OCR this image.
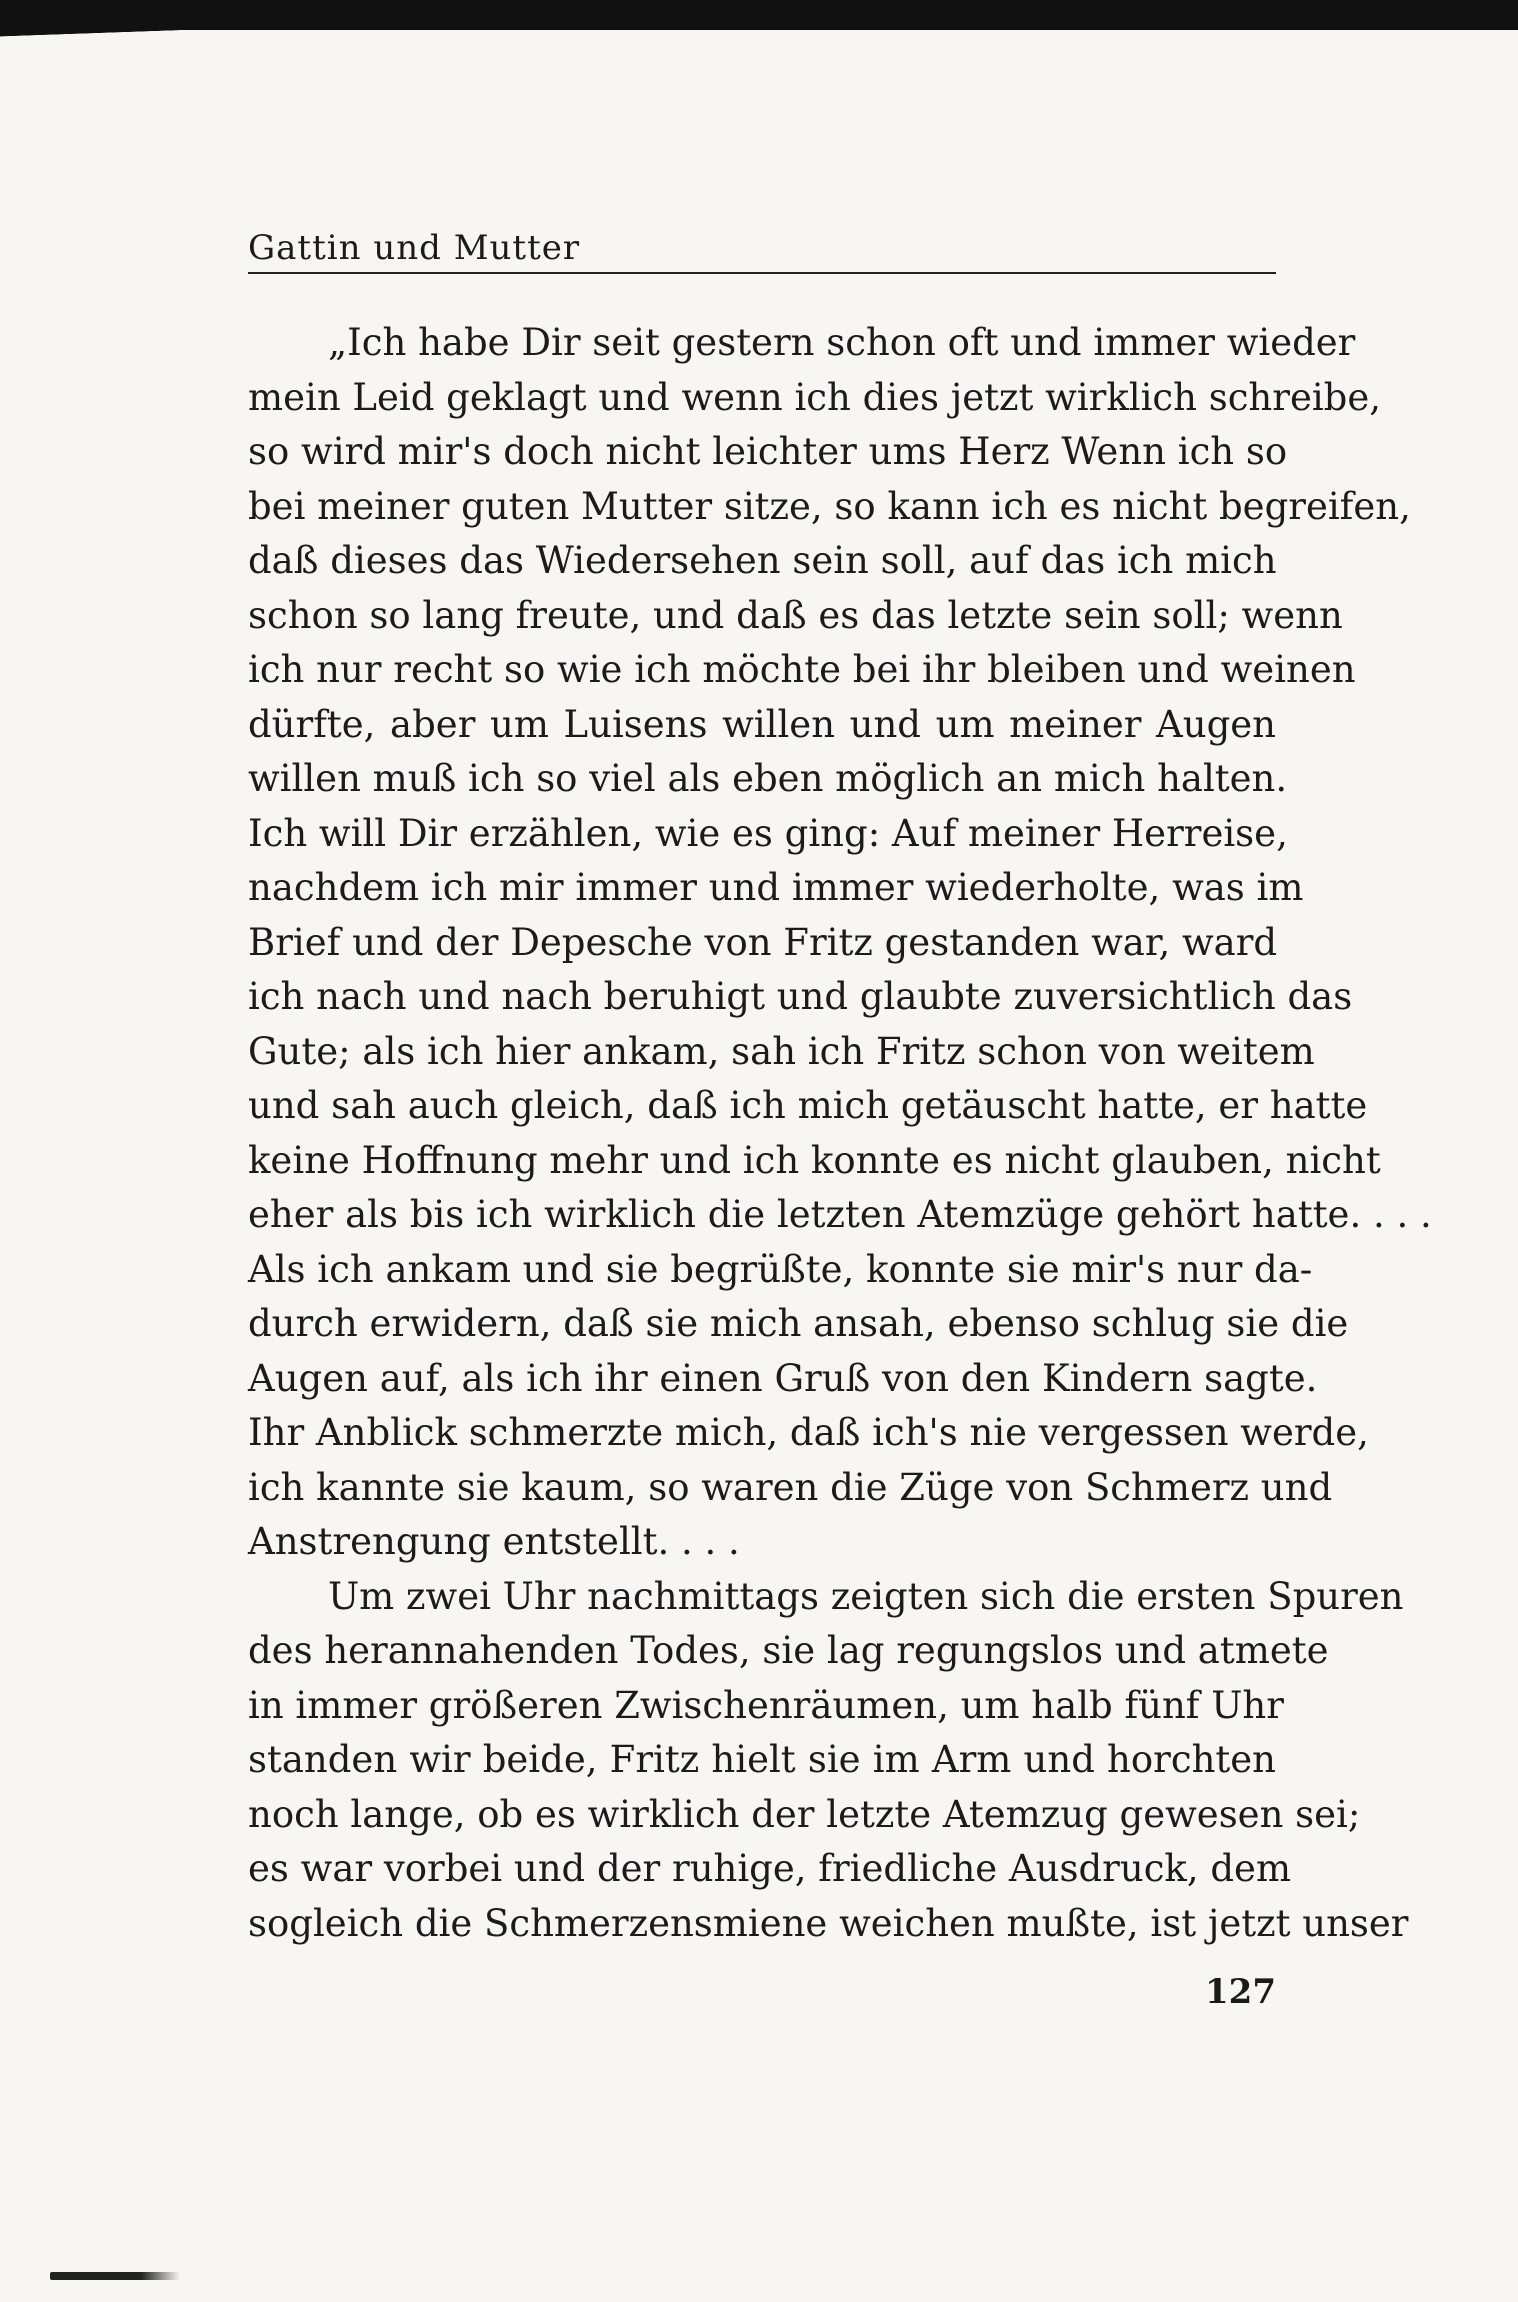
Gattin und Mutter
„Ich habe Dir seit gestern schon oft und immer wieder
mein Leid geklagt und wenn ich dies jetzt wirklich schreibe,
so wird mir's doch nicht leichter ums Herz Wenn ich so
bei meiner guten Mutter sitze, so kann ich es nicht begreifen,
daß dieses das Wiedersehen sein soll, auf das ich mich
schon so lang freute, und daß es das letzte sein soll; wenn
ich nur recht so wie ich möchte bei ihr bleiben und weinen
dürfte, aber um Luisens willen und um meiner Augen
willen muß ich so viel als eben möglich an mich halten.
Ich will Dir erzählen, wie es ging: Auf meiner Herreise,
nachdem ich mir immer und immer wiederholte, was im
Brief und der Depesche von Fritz gestanden war, ward
ich nach und nach beruhigt und glaubte zuversichtlich das
Gute; als ich hier ankam, sah ich Fritz schon von weitem
und sah auch gleich, daß ich mich getäuscht hatte, er hatte
keine Hoffnung mehr und ich konnte es nicht glauben, nicht
eher als bis ich wirklich die letzten Atemzüge gehört hatte. . . .
Als ich ankam und sie begrüßte, konnte sie mir's nur da-
durch erwidern, daß sie mich ansah, ebenso schlug sie die
Augen auf, als ich ihr einen Gruß von den Kindern sagte.
Ihr Anblick schmerzte mich, daß ich's nie vergessen werde,
ich kannte sie kaum, so waren die Züge von Schmerz und
Anstrengung entstellt. . . .
Um zwei Uhr nachmittags zeigten sich die ersten Spuren
des herannahenden Todes, sie lag regungslos und atmete
in immer größeren Zwischenräumen, um halb fünf Uhr
standen wir beide, Fritz hielt sie im Arm und horchten
noch lange, ob es wirklich der letzte Atemzug gewesen sei;
es war vorbei und der ruhige, friedliche Ausdruck, dem
sogleich die Schmerzensmiene weichen mußte, ist jetzt unser
127
